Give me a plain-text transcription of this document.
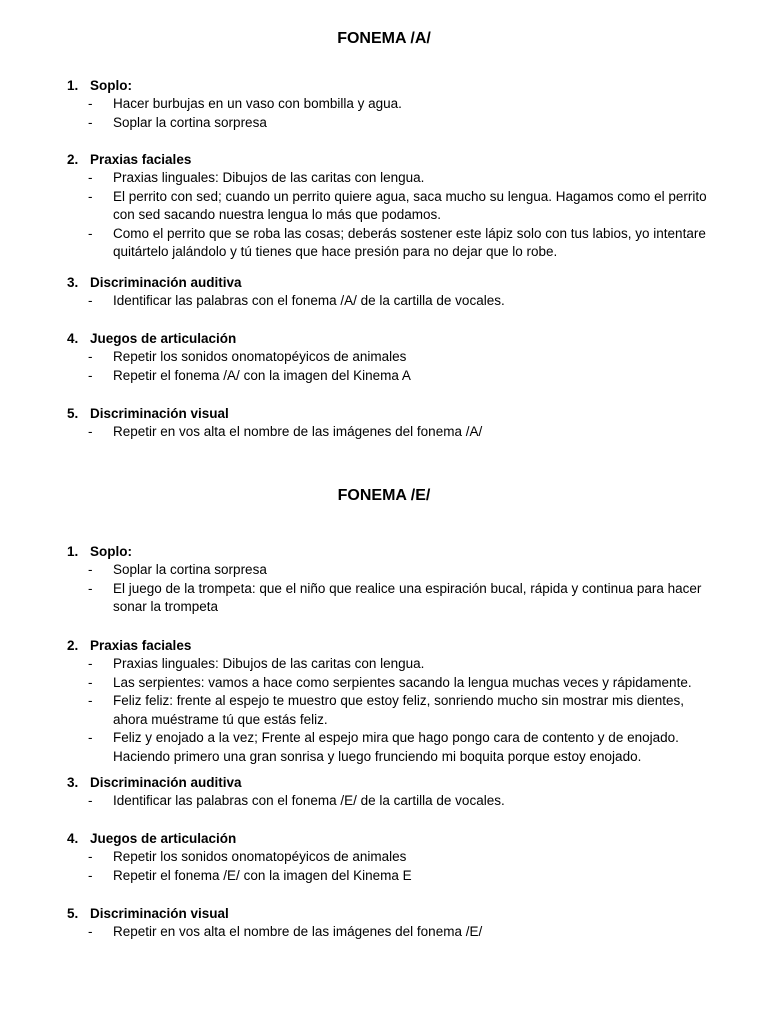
FONEMA /A/
1. Soplo:
- Hacer burbujas en un vaso con bombilla y agua.
- Soplar la cortina sorpresa
2. Praxias faciales
- Praxias linguales: Dibujos de las caritas con lengua.
- El perrito con sed; cuando un perrito quiere agua, saca mucho su lengua. Hagamos como el perrito
con sed sacando nuestra lengua lo más que podamos.
- Como el perrito que se roba las cosas; deberás sostener este lápiz solo con tus labios, yo intentare
quitártelo jalándolo y tú tienes que hace presión para no dejar que lo robe.
3. Discriminación auditiva
- Identificar las palabras con el fonema /A/ de la cartilla de vocales.
4. Juegos de articulación
- Repetir los sonidos onomatopéyicos de animales
- Repetir el fonema /A/ con la imagen del Kinema A
5. Discriminación visual
- Repetir en vos alta el nombre de las imágenes del fonema /A/
FONEMA /E/
1. Soplo:
- Soplar la cortina sorpresa
- El juego de la trompeta: que el niño que realice una espiración bucal, rápida y continua para hacer
sonar la trompeta
2. Praxias faciales
- Praxias linguales: Dibujos de las caritas con lengua.
- Las serpientes: vamos a hace como serpientes sacando la lengua muchas veces y rápidamente.
- Feliz feliz: frente al espejo te muestro que estoy feliz, sonriendo mucho sin mostrar mis dientes,
ahora muéstrame tú que estás feliz.
- Feliz y enojado a la vez; Frente al espejo mira que hago pongo cara de contento y de enojado.
Haciendo primero una gran sonrisa y luego frunciendo mi boquita porque estoy enojado.
3. Discriminación auditiva
- Identificar las palabras con el fonema /E/ de la cartilla de vocales.
4. Juegos de articulación
- Repetir los sonidos onomatopéyicos de animales
- Repetir el fonema /E/ con la imagen del Kinema E
5. Discriminación visual
- Repetir en vos alta el nombre de las imágenes del fonema /E/
